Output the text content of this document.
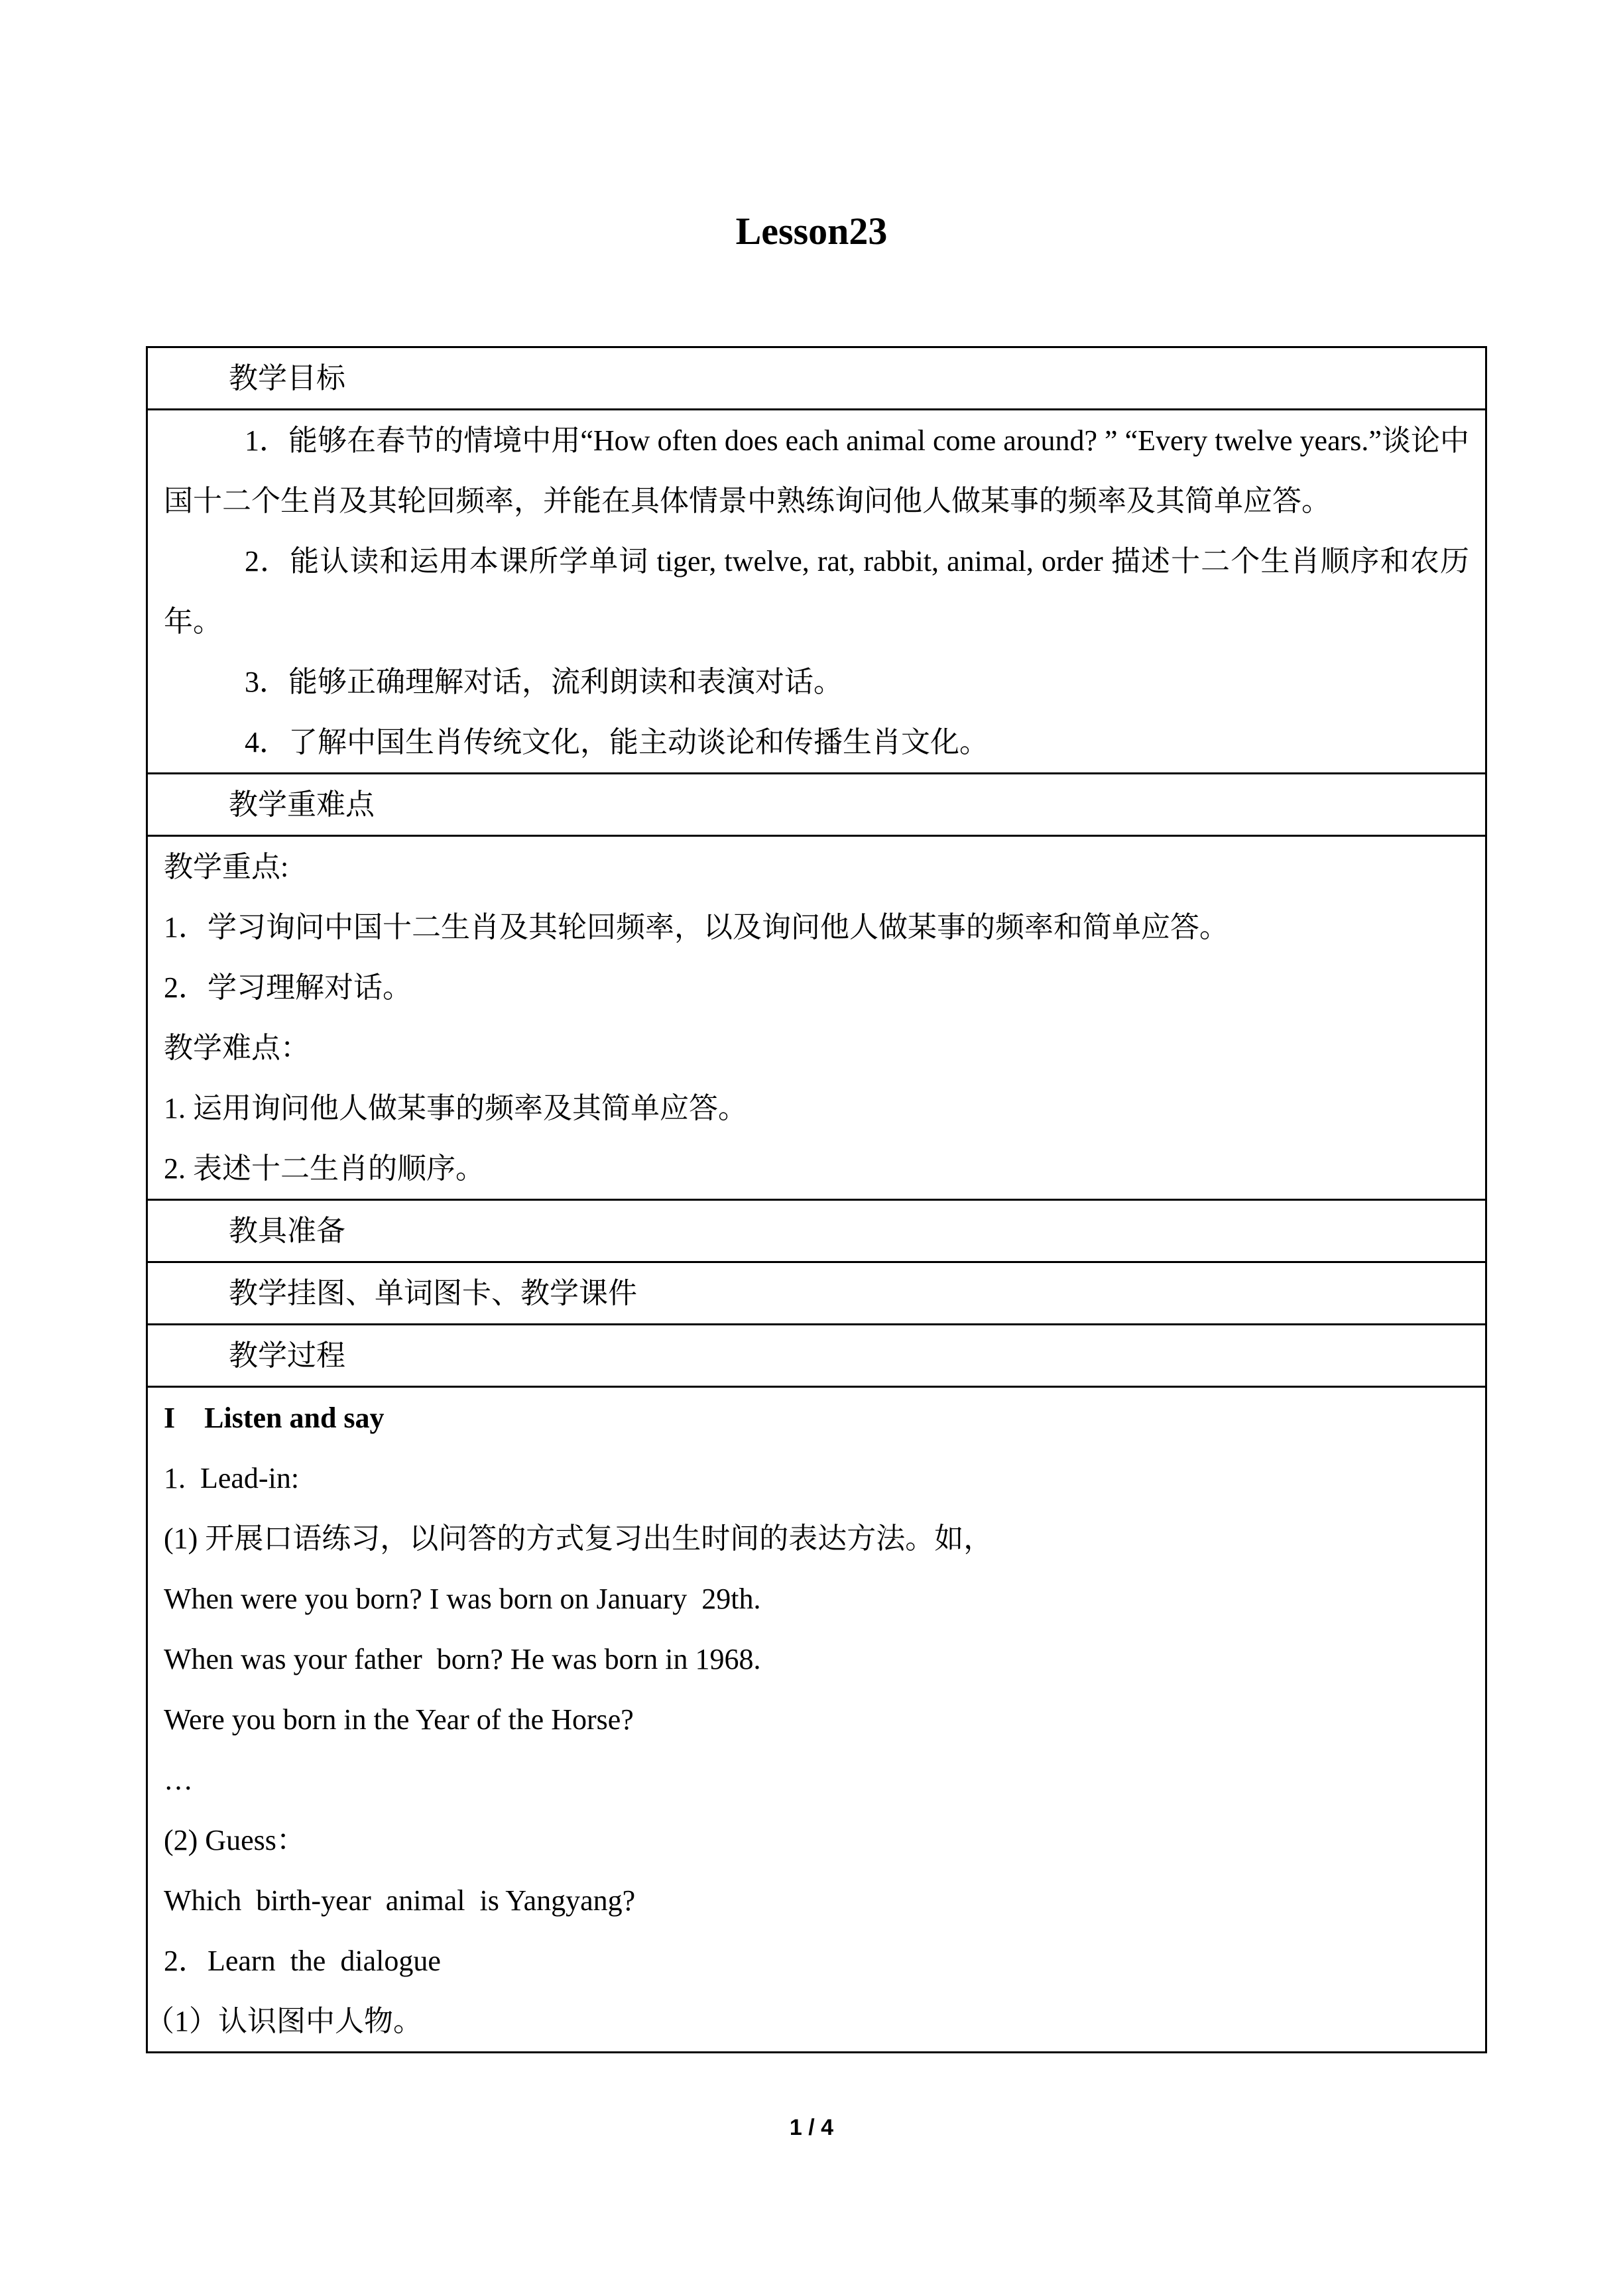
Lesson23
教学目标

1．能够在春节的情境中用“How often does each animal come around? ” “Every twelve years.”谈论中国十二个生肖及其轮回频率，并能在具体情景中熟练询问他人做某事的频率及其简单应答。

2．能认读和运用本课所学单词 tiger, twelve, rat, rabbit, animal, order 描述十二个生肖顺序和农历年。

3．能够正确理解对话，流利朗读和表演对话。

4．了解中国生肖传统文化，能主动谈论和传播生肖文化。

教学重难点

教学重点:

1．学习询问中国十二生肖及其轮回频率，以及询问他人做某事的频率和简单应答。

2．学习理解对话。

教学难点：

1. 运用询问他人做某事的频率及其简单应答。

2. 表述十二生肖的顺序。

教具准备
教学挂图、单词图卡、教学课件
教学过程

I    Listen and say

1.  Lead-in:

(1) 开展口语练习，以问答的方式复习出生时间的表达方法。如，

When were you born? I was born on January  29th.

When was your father  born? He was born in 1968.

Were you born in the Year of the Horse?

…

(2) Guess：

Which  birth-year  animal  is Yangyang?

2．Learn  the  dialogue

（1）认识图中人物。

1 / 4
